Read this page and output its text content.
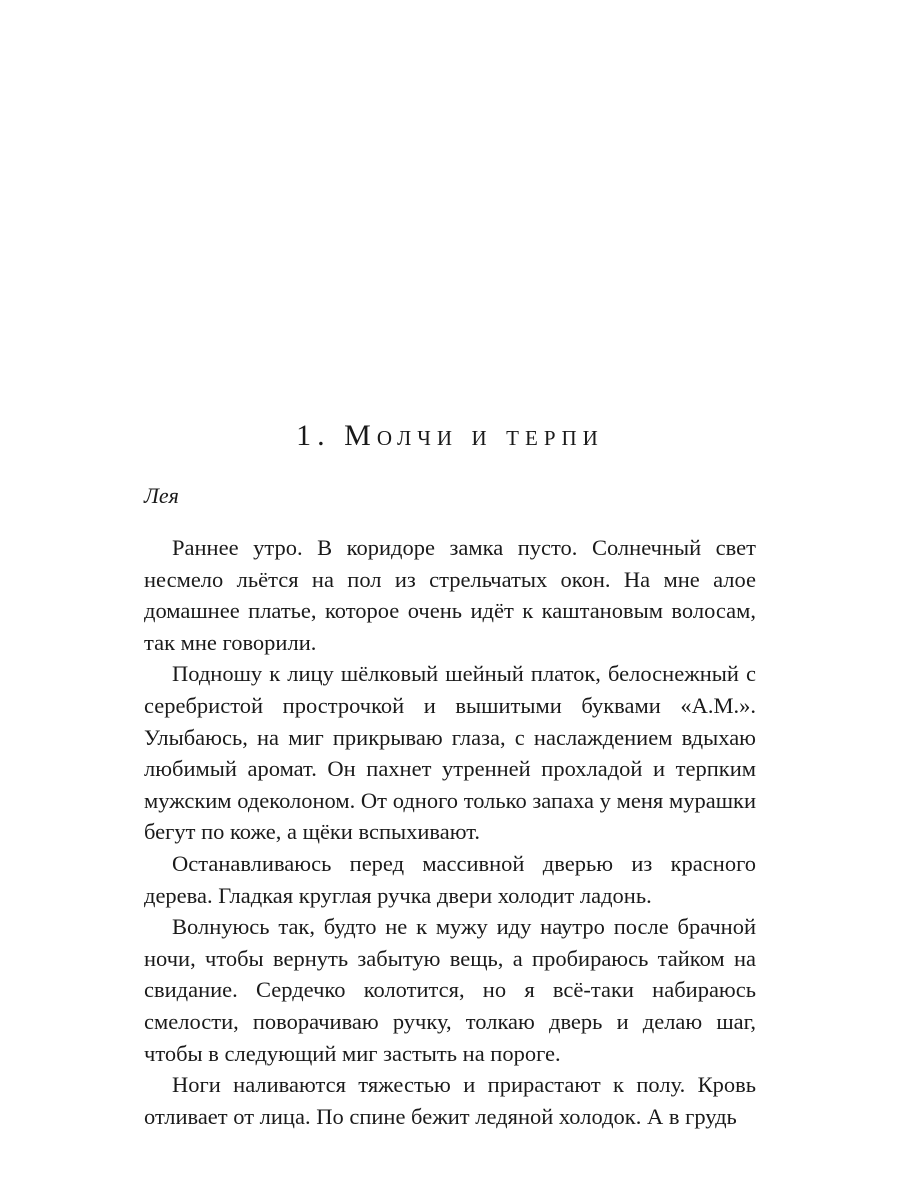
1. Молчи и терпи

Лея

Раннее утро. В коридоре замка пусто. Солнечный свет несмело льётся на пол из стрельчатых окон. На мне алое домашнее платье, которое очень идёт к каштановым волосам, так мне говорили.

Подношу к лицу шёлковый шейный платок, белоснежный с серебристой прострочкой и вышитыми буквами «А.М.». Улыбаюсь, на миг прикрываю глаза, с наслаждением вдыхаю любимый аромат. Он пахнет утренней прохладой и терпким мужским одеколоном. От одного только запаха у меня мурашки бегут по коже, а щёки вспыхивают.

Останавливаюсь перед массивной дверью из красного дерева. Гладкая круглая ручка двери холодит ладонь.

Волнуюсь так, будто не к мужу иду наутро после брачной ночи, чтобы вернуть забытую вещь, а пробираюсь тайком на свидание. Сердечко колотится, но я всё-таки набираюсь смелости, поворачиваю ручку, толкаю дверь и делаю шаг, чтобы в следующий миг застыть на пороге.

Ноги наливаются тяжестью и прирастают к полу. Кровь отливает от лица. По спине бежит ледяной холодок. А в грудь
